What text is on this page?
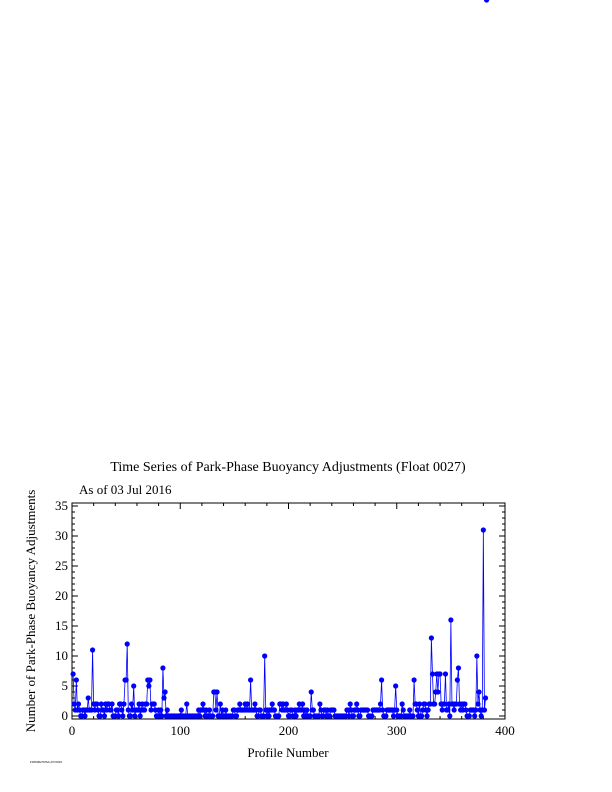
Time Series of Park-Phase Buoyancy Adjustments (Float 0027)
As of 03 Jul 2016
0	100	200	300	400
0
5
10
15
20
25
30
35
Profile Number
Number of Park-Phase Buoyancy Adjustments
FWD0027RSA 2/7/2016
